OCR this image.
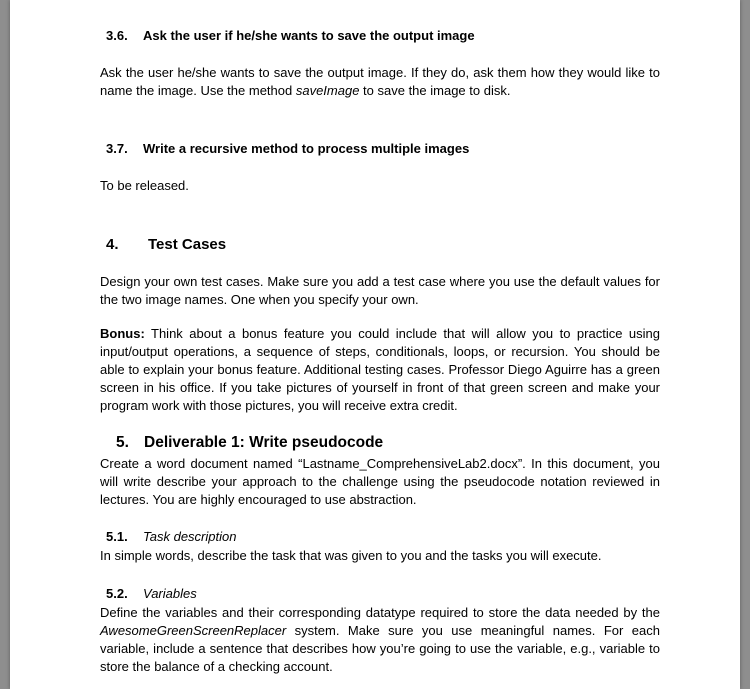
3.6. Ask the user if he/she wants to save the output image

Ask the user he/she wants to save the output image. If they do, ask them how they would like to name the image. Use the method saveImage to save the image to disk.

3.7. Write a recursive method to process multiple images

To be released.

4. Test Cases

Design your own test cases. Make sure you add a test case where you use the default values for the two image names. One when you specify your own.

Bonus: Think about a bonus feature you could include that will allow you to practice using input/output operations, a sequence of steps, conditionals, loops, or recursion. You should be able to explain your bonus feature. Additional testing cases. Professor Diego Aguirre has a green screen in his office. If you take pictures of yourself in front of that green screen and make your program work with those pictures, you will receive extra credit.

5. Deliverable 1: Write pseudocode

Create a word document named “Lastname_ComprehensiveLab2.docx”. In this document, you will write describe your approach to the challenge using the pseudocode notation reviewed in lectures. You are highly encouraged to use abstraction.

5.1. Task description

In simple words, describe the task that was given to you and the tasks you will execute.

5.2. Variables

Define the variables and their corresponding datatype required to store the data needed by the AwesomeGreenScreenReplacer system. Make sure you use meaningful names. For each variable, include a sentence that describes how you’re going to use the variable, e.g., variable to store the balance of a checking account.
